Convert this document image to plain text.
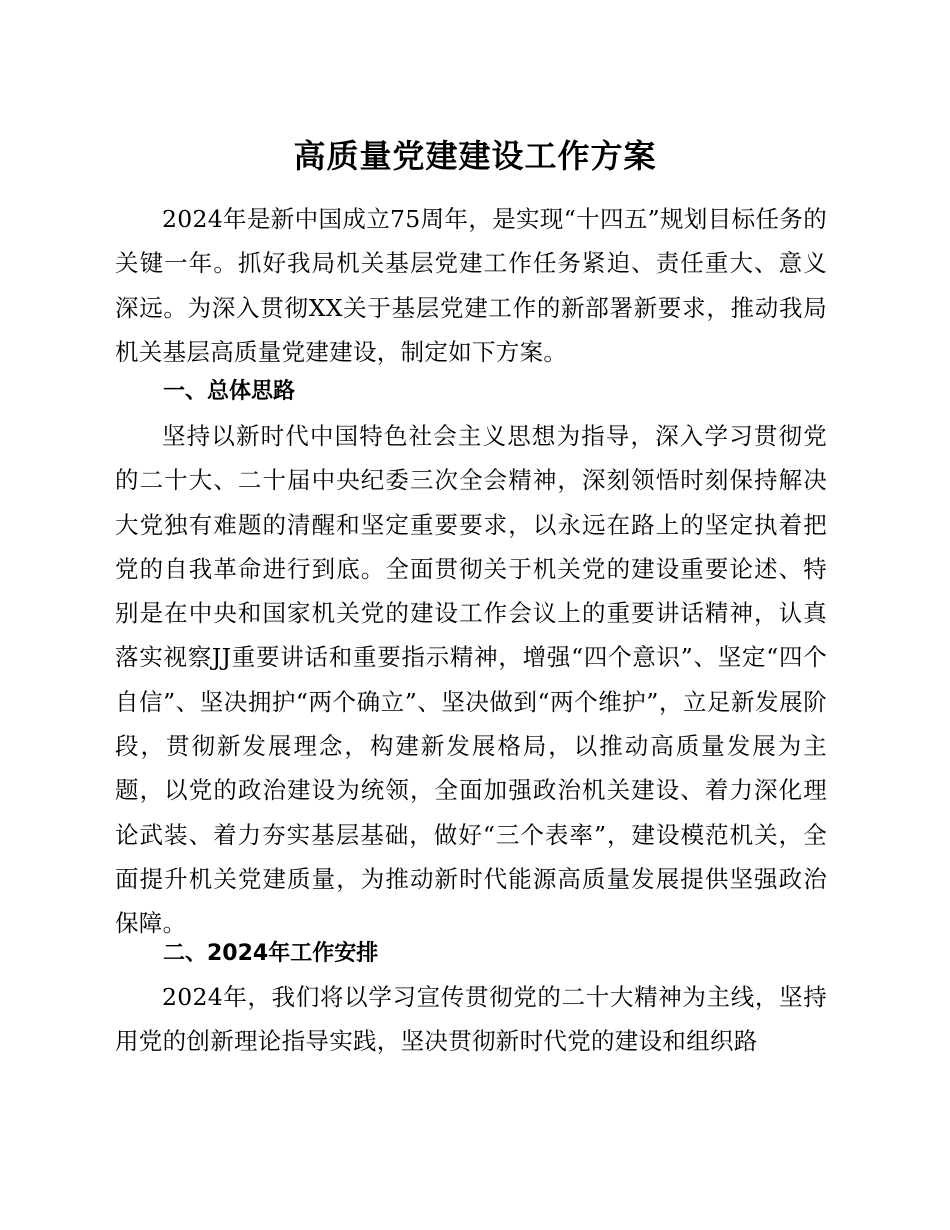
高质量党建建设工作方案

2024年是新中国成立75周年，是实现“十四五”规划目标任务的关键一年。抓好我局机关基层党建工作任务紧迫、责任重大、意义深远。为深入贯彻XX关于基层党建工作的新部署新要求，推动我局机关基层高质量党建建设，制定如下方案。

一、总体思路

坚持以新时代中国特色社会主义思想为指导，深入学习贯彻党的二十大、二十届中央纪委三次全会精神，深刻领悟时刻保持解决大党独有难题的清醒和坚定重要要求，以永远在路上的坚定执着把党的自我革命进行到底。全面贯彻关于机关党的建设重要论述、特别是在中央和国家机关党的建设工作会议上的重要讲话精神，认真落实视察JJ重要讲话和重要指示精神，增强“四个意识”、坚定“四个自信”、坚决拥护“两个确立”、坚决做到“两个维护”，立足新发展阶段，贯彻新发展理念，构建新发展格局，以推动高质量发展为主题，以党的政治建设为统领，全面加强政治机关建设、着力深化理论武装、着力夯实基层基础，做好“三个表率”，建设模范机关，全面提升机关党建质量，为推动新时代能源高质量发展提供坚强政治保障。

二、2024年工作安排

2024年，我们将以学习宣传贯彻党的二十大精神为主线，坚持用党的创新理论指导实践，坚决贯彻新时代党的建设和组织路
